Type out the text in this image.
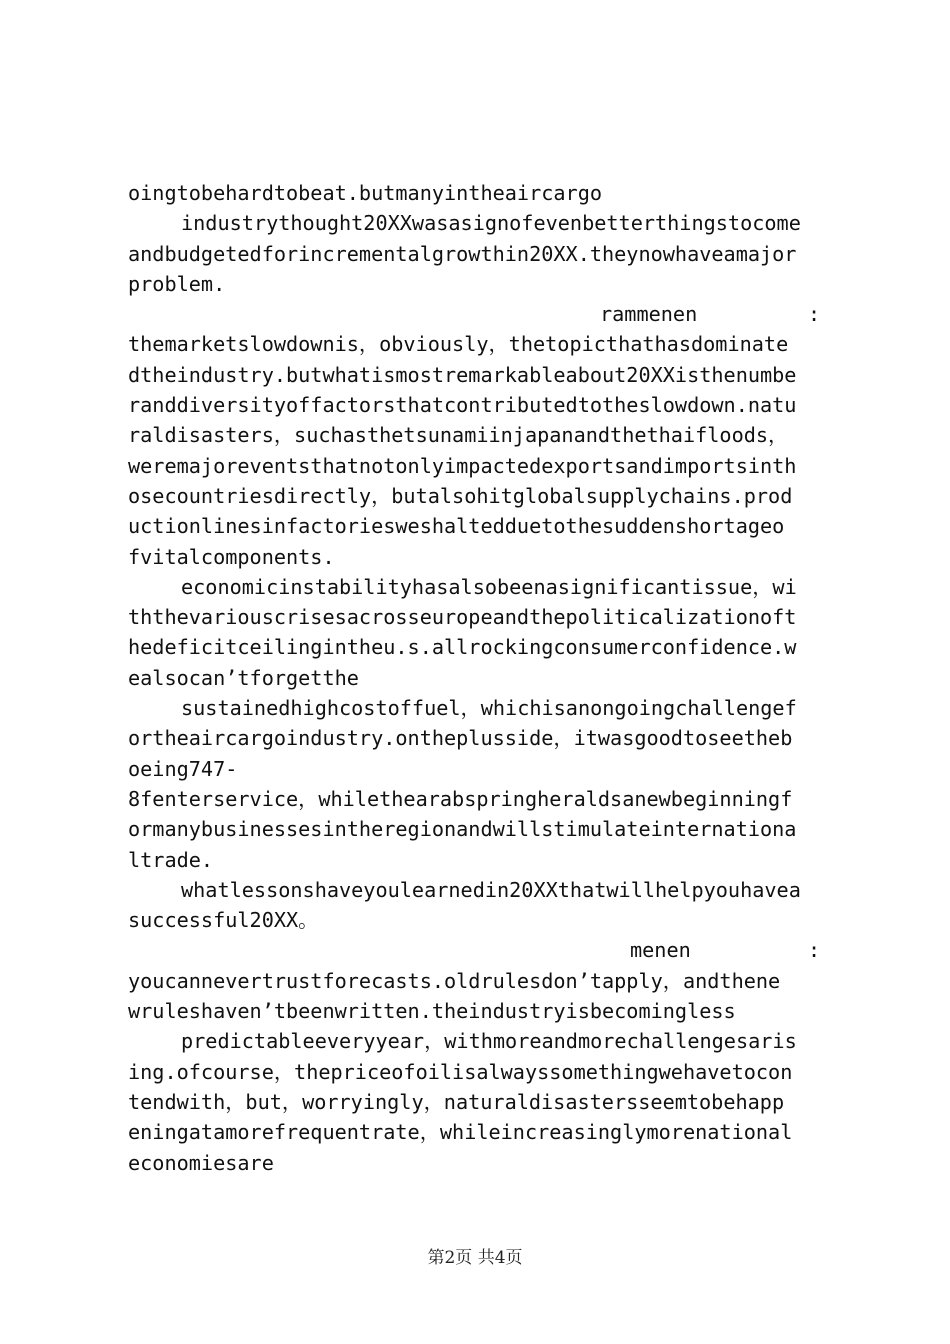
oingtobehardtobeat.butmanyintheaircargo
industrythought20XXwasasignofevenbetterthingstocome
andbudgetedforincrementalgrowthin20XX.theynowhaveamajor
problem.

rammenen

	:

themarketslowdownis，obviously，thetopicthathasdominate
dtheindustry.butwhatismostremarkableabout20XXisthenumbe
randdiversityoffactorsthatcontributedtotheslowdown.natu
raldisasters，suchasthetsunamiinjapanandthethaifloods，
weremajoreventsthatnotonlyimpactedexportsandimportsinth
osecountriesdirectly，butalsohitglobalsupplychains.prod
uctionlinesinfactoriesweshaltedduetothesuddenshortageo
fvitalcomponents.
economicinstabilityhasalsobeenasignificantissue，wi
ththevariouscrisesacrosseuropeandthepoliticalizationoft
hedeficitceilingintheu.s.allrockingconsumerconfidence.w
ealsocan’tforgetthe
sustainedhighcostoffuel，whichisanongoingchallengef
ortheaircargoindustry.ontheplusside，itwasgoodtoseetheb
oeing747-
8fenterservice，whilethearabspringheraldsanewbeginningf
ormanybusinessesintheregionandwillstimulateinternationa
ltrade.
whatlessonshaveyoulearnedin20XXthatwillhelpyouhavea
successful20XX。

menen

	:

youcannevertrustforecasts.oldrulesdon’tapply，andthene
wruleshaven’tbeenwritten.theindustryisbecomingless
predictableeveryyear，withmoreandmorechallengesaris
ing.ofcourse，thepriceofoilisalwayssomethingwehavetocon
tendwith，but，worryingly，naturaldisastersseemtobehapp
eningatamorefrequentrate，whileincreasinglymorenational
economiesare
第2页 共4页
